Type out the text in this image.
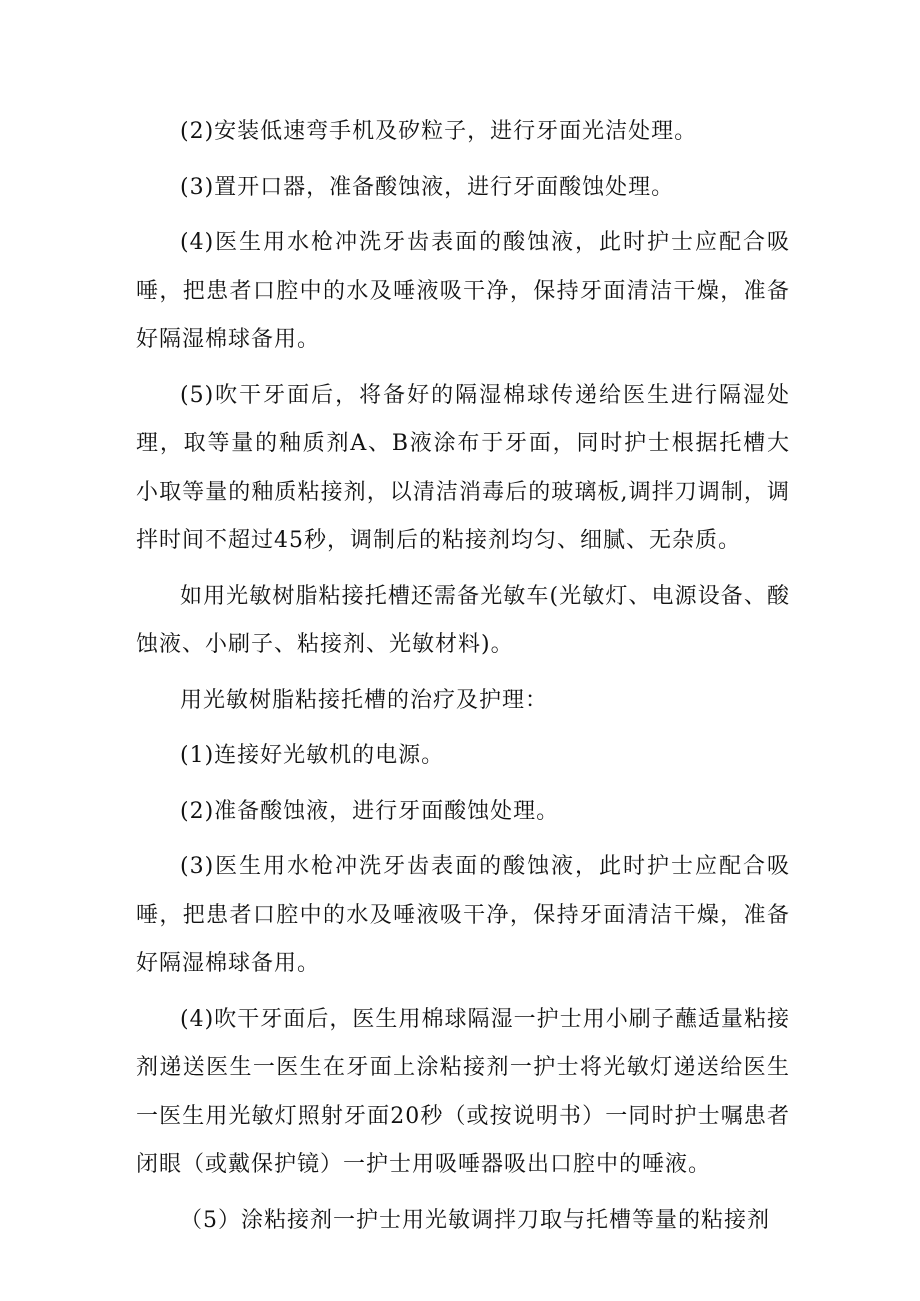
(2)安装低速弯手机及矽粒子，进行牙面光洁处理。

(3)置开口器，准备酸蚀液，进行牙面酸蚀处理。

(4)医生用水枪冲洗牙齿表面的酸蚀液，此时护士应配合吸唾，把患者口腔中的水及唾液吸干净，保持牙面清洁干燥，准备好隔湿棉球备用。

(5)吹干牙面后，将备好的隔湿棉球传递给医生进行隔湿处理，取等量的釉质剂A、B液涂布于牙面，同时护士根据托槽大小取等量的釉质粘接剂，以清洁消毒后的玻璃板,调拌刀调制，调拌时间不超过45秒，调制后的粘接剂均匀、细腻、无杂质。

如用光敏树脂粘接托槽还需备光敏车(光敏灯、电源设备、酸蚀液、小刷子、粘接剂、光敏材料)。

用光敏树脂粘接托槽的治疗及护理：

(1)连接好光敏机的电源。

(2)准备酸蚀液，进行牙面酸蚀处理。

(3)医生用水枪冲洗牙齿表面的酸蚀液，此时护士应配合吸唾，把患者口腔中的水及唾液吸干净，保持牙面清洁干燥，准备好隔湿棉球备用。

(4)吹干牙面后，医生用棉球隔湿一护士用小刷子蘸适量粘接剂递送医生一医生在牙面上涂粘接剂一护士将光敏灯递送给医生一医生用光敏灯照射牙面20秒（或按说明书）一同时护士嘱患者闭眼（或戴保护镜）一护士用吸唾器吸出口腔中的唾液。

（5）涂粘接剂一护士用光敏调拌刀取与托槽等量的粘接剂
